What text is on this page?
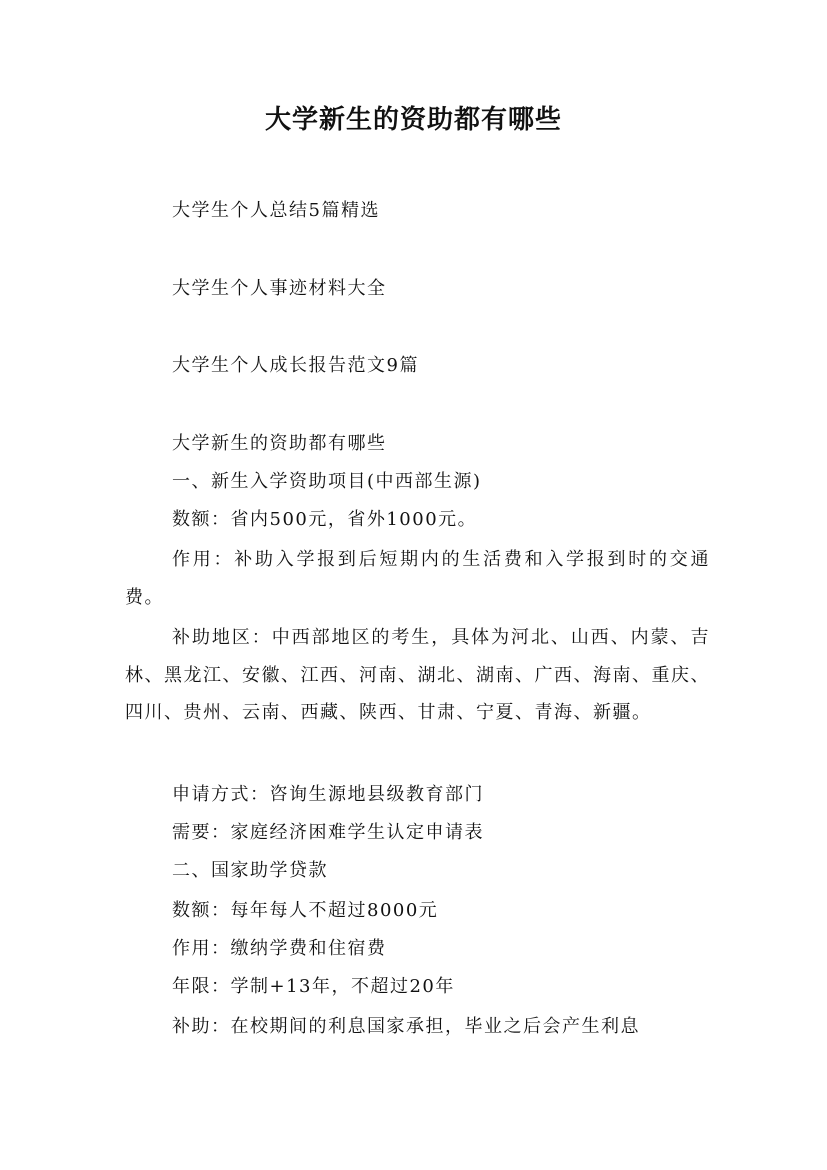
大学新生的资助都有哪些
大学生个人总结5篇精选
大学生个人事迹材料大全
大学生个人成长报告范文9篇
大学新生的资助都有哪些
一、新生入学资助项目(中西部生源)
数额：省内500元，省外1000元。
作用：补助入学报到后短期内的生活费和入学报到时的交通费。
补助地区：中西部地区的考生，具体为河北、山西、内蒙、吉林、黑龙江、安徽、江西、河南、湖北、湖南、广西、海南、重庆、四川、贵州、云南、西藏、陕西、甘肃、宁夏、青海、新疆。
申请方式：咨询生源地县级教育部门
需要：家庭经济困难学生认定申请表
二、国家助学贷款
数额：每年每人不超过8000元
作用：缴纳学费和住宿费
年限：学制+13年，不超过20年
补助：在校期间的利息国家承担，毕业之后会产生利息
